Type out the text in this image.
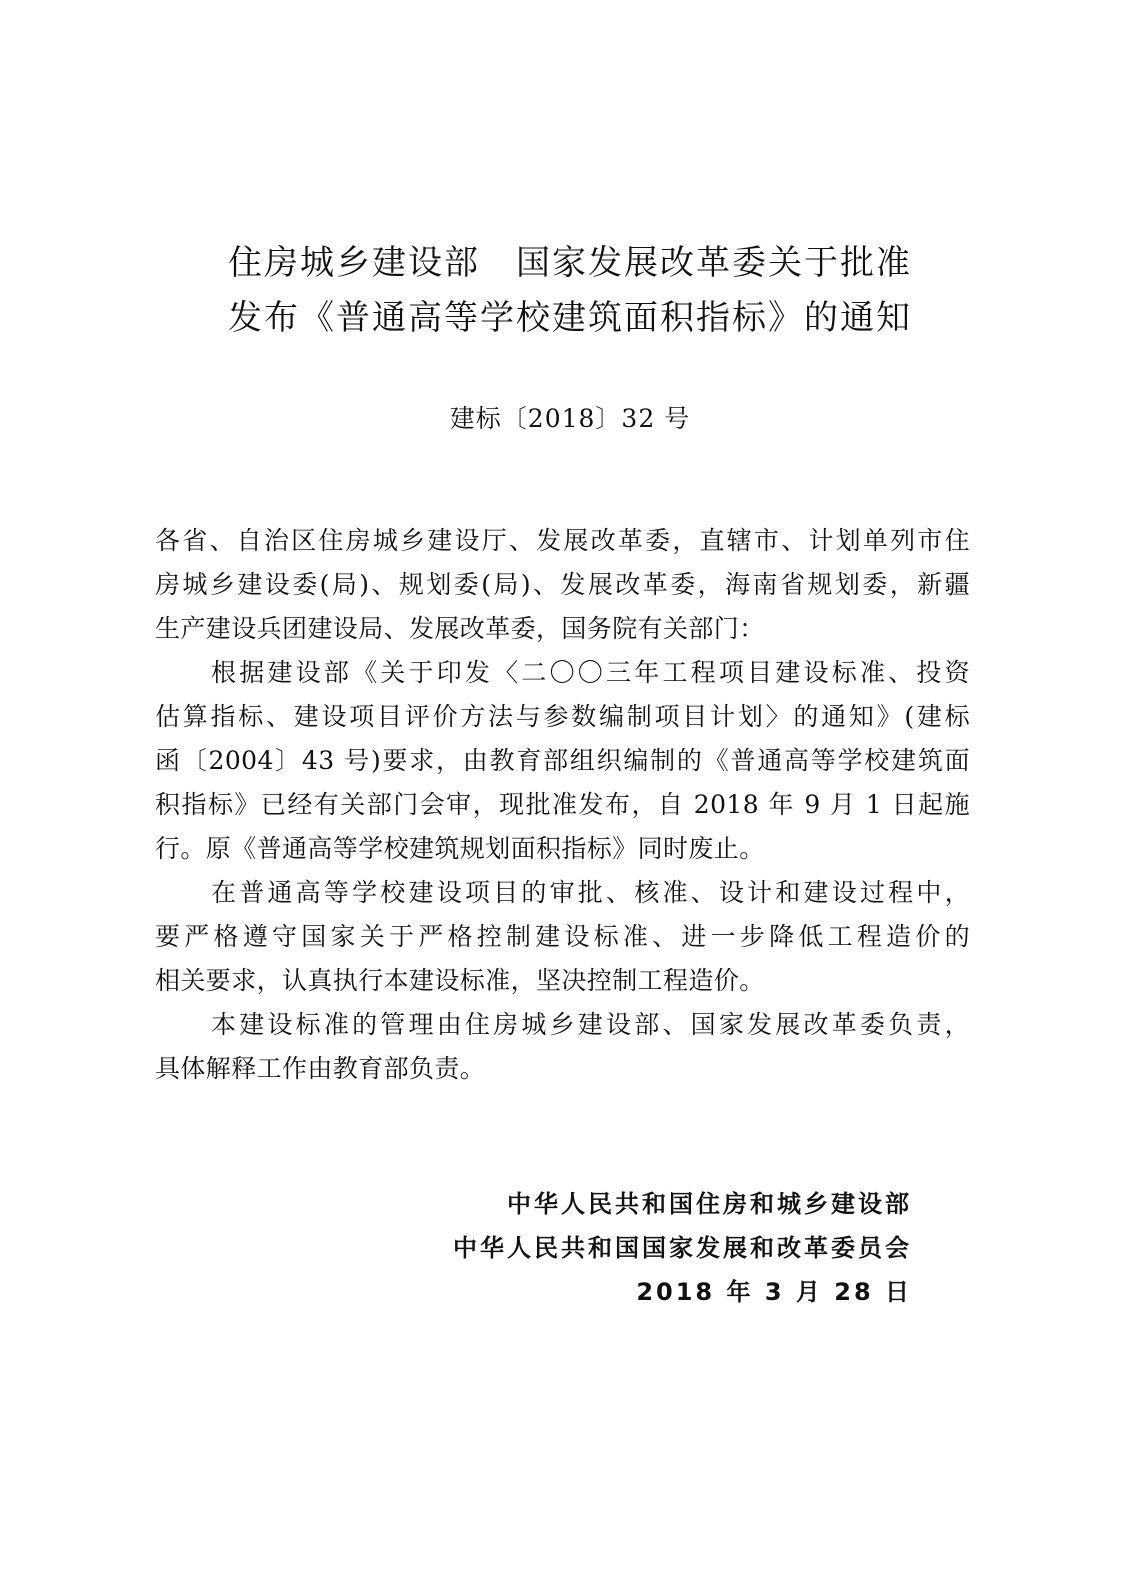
住房城乡建设部　国家发展改革委关于批准
发布《普通高等学校建筑面积指标》的通知
建标〔2018〕32 号
各省、自治区住房城乡建设厅、发展改革委，直辖市、计划单列市住
房城乡建设委(局)、规划委(局)、发展改革委，海南省规划委，新疆
生产建设兵团建设局、发展改革委，国务院有关部门：
根据建设部《关于印发〈二〇〇三年工程项目建设标准、投资
估算指标、建设项目评价方法与参数编制项目计划〉的通知》(建标
函〔2004〕43 号)要求，由教育部组织编制的《普通高等学校建筑面
积指标》已经有关部门会审，现批准发布，自 2018 年 9 月 1 日起施
行。原《普通高等学校建筑规划面积指标》同时废止。
在普通高等学校建设项目的审批、核准、设计和建设过程中，
要严格遵守国家关于严格控制建设标准、进一步降低工程造价的
相关要求，认真执行本建设标准，坚决控制工程造价。
本建设标准的管理由住房城乡建设部、国家发展改革委负责，
具体解释工作由教育部负责。
中华人民共和国住房和城乡建设部
中华人民共和国国家发展和改革委员会
2018 年 3 月 28 日
